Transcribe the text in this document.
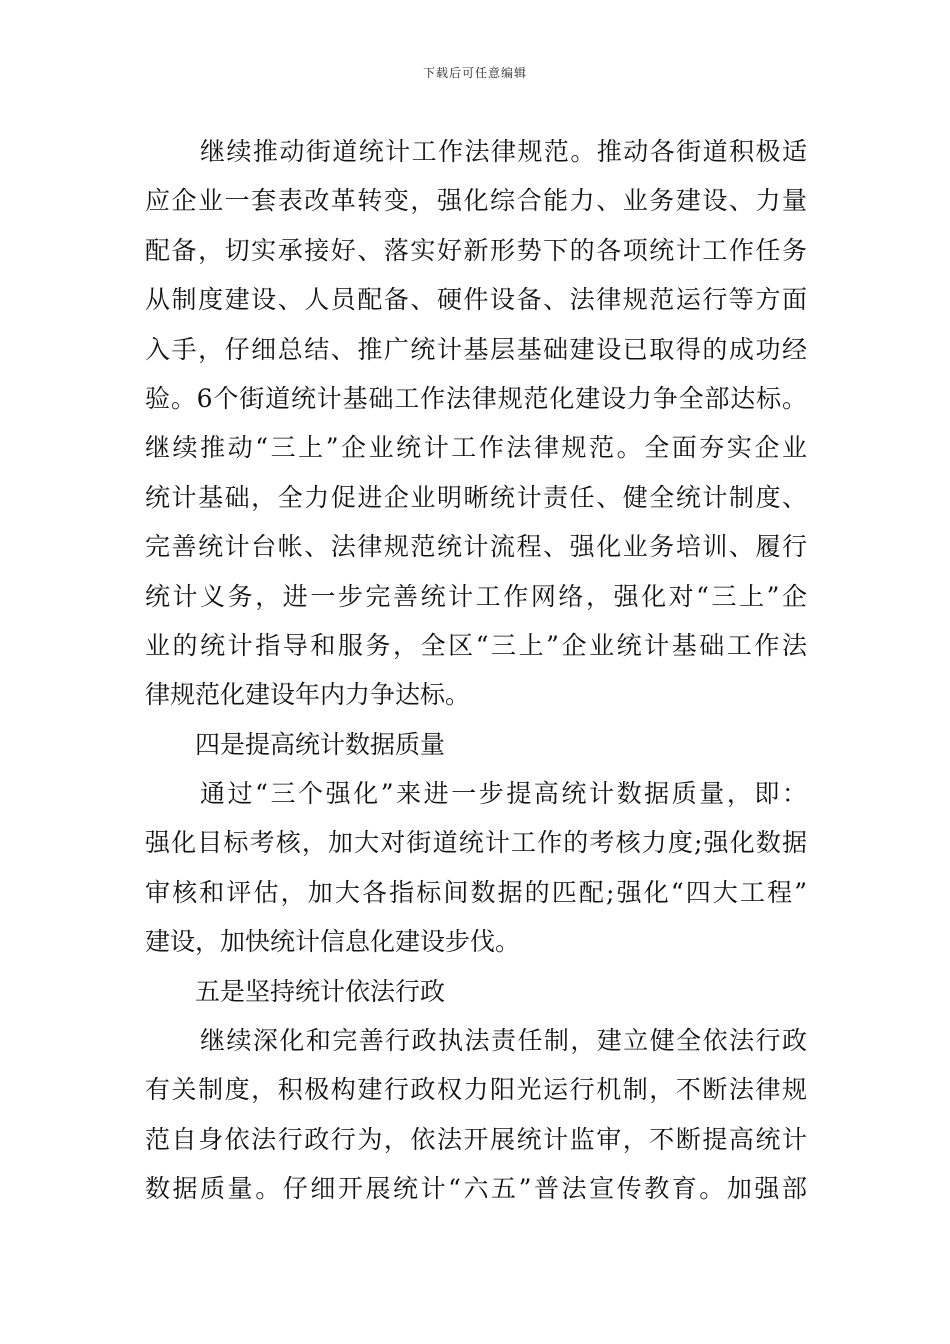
下载后可任意编辑
继续推动街道统计工作法律规范。推动各街道积极适
应企业一套表改革转变，强化综合能力、业务建设、力量
配备，切实承接好、落实好新形势下的各项统计工作任务
从制度建设、人员配备、硬件设备、法律规范运行等方面
入手，仔细总结、推广统计基层基础建设已取得的成功经
验。6个街道统计基础工作法律规范化建设力争全部达标。
继续推动“三上”企业统计工作法律规范。全面夯实企业
统计基础，全力促进企业明晰统计责任、健全统计制度、
完善统计台帐、法律规范统计流程、强化业务培训、履行
统计义务，进一步完善统计工作网络，强化对“三上”企
业的统计指导和服务，全区“三上”企业统计基础工作法
律规范化建设年内力争达标。
四是提高统计数据质量
通过“三个强化”来进一步提高统计数据质量，即：
强化目标考核，加大对街道统计工作的考核力度;强化数据
审核和评估，加大各指标间数据的匹配;强化“四大工程”
建设，加快统计信息化建设步伐。
五是坚持统计依法行政
继续深化和完善行政执法责任制，建立健全依法行政
有关制度，积极构建行政权力阳光运行机制，不断法律规
范自身依法行政行为，依法开展统计监审，不断提高统计
数据质量。仔细开展统计“六五”普法宣传教育。加强部
